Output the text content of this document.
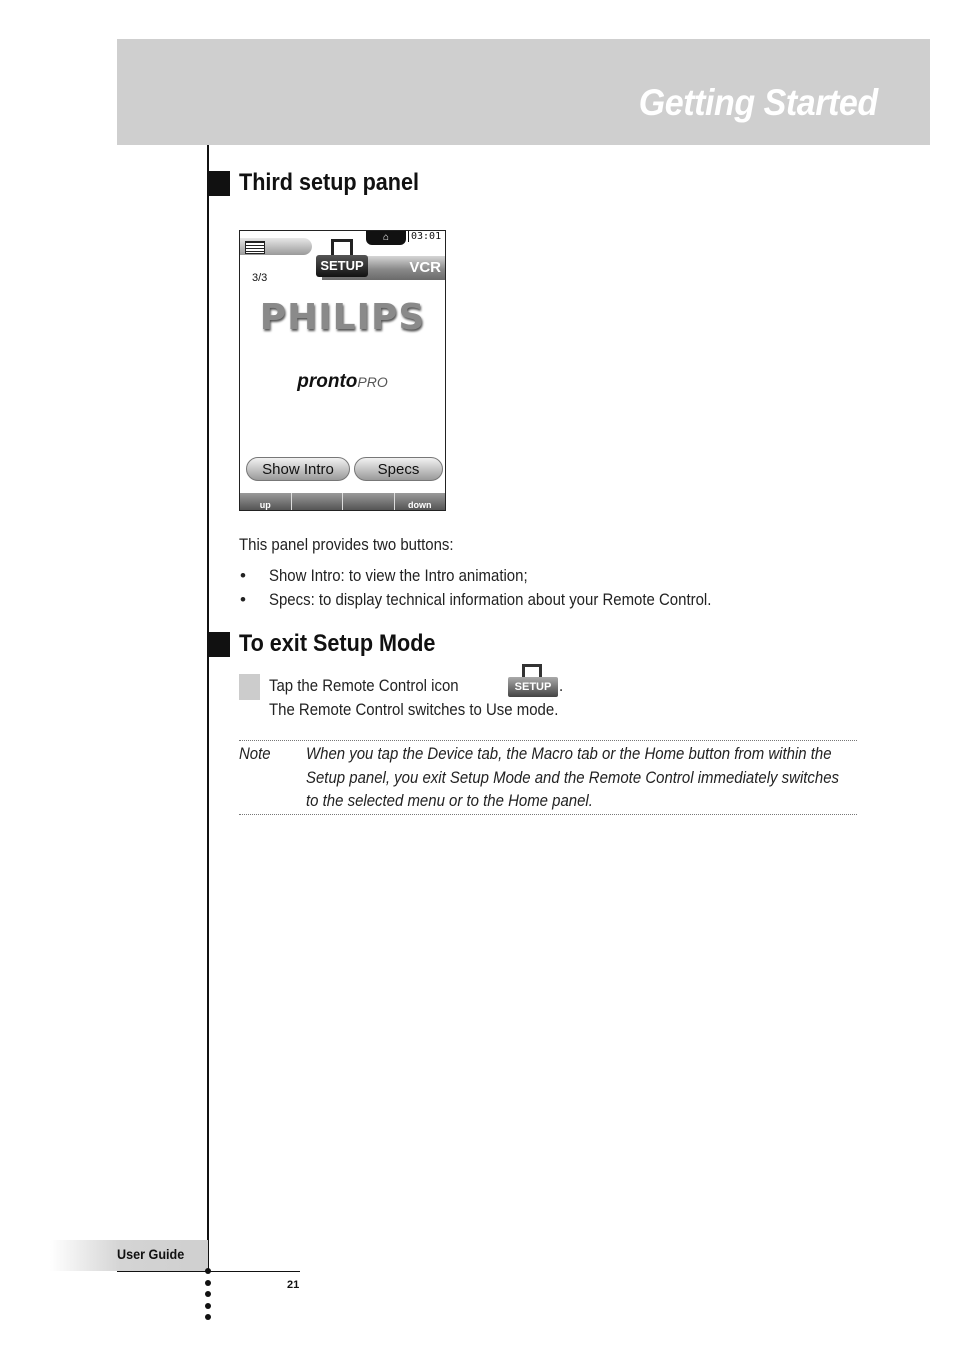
Getting Started
Third setup panel
⌂	03:01
SETUP	VCR
3/3
PHILIPS
prontoPRO
Show Intro	Specs
up	down
This panel provides two buttons:
• Show Intro: to view the Intro animation;
• Specs: to display technical information about your Remote Control.
To exit Setup Mode
Tap the Remote Control icon	SETUP .
The Remote Control switches to Use mode.
Note When you tap the Device tab, the Macro tab or the Home button from within the Setup panel, you exit Setup Mode and the Remote Control immediately switches to the selected menu or to the Home panel.
User Guide
21
